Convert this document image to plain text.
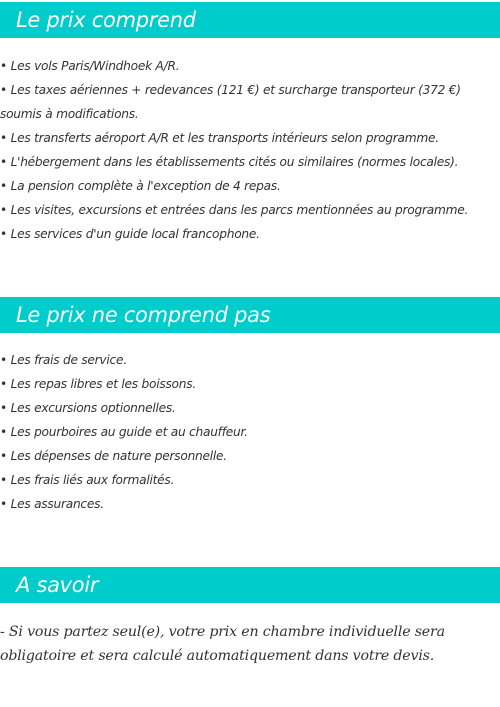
Le prix comprend
• Les vols Paris/Windhoek A/R.
• Les taxes aériennes + redevances (121 €) et surcharge transporteur (372 €) soumis à modifications.
• Les transferts aéroport A/R et les transports intérieurs selon programme.
• L'hébergement dans les établissements cités ou similaires (normes locales).
• La pension complète à l'exception de 4 repas.
• Les visites, excursions et entrées dans les parcs mentionnées au programme.
• Les services d'un guide local francophone.
Le prix ne comprend pas
• Les frais de service.
• Les repas libres et les boissons.
• Les excursions optionnelles.
• Les pourboires au guide et au chauffeur.
• Les dépenses de nature personnelle.
• Les frais liés aux formalités.
• Les assurances.
A savoir

- Si vous partez seul(e), votre prix en chambre individuelle sera obligatoire et sera calculé automatiquement dans votre devis.
